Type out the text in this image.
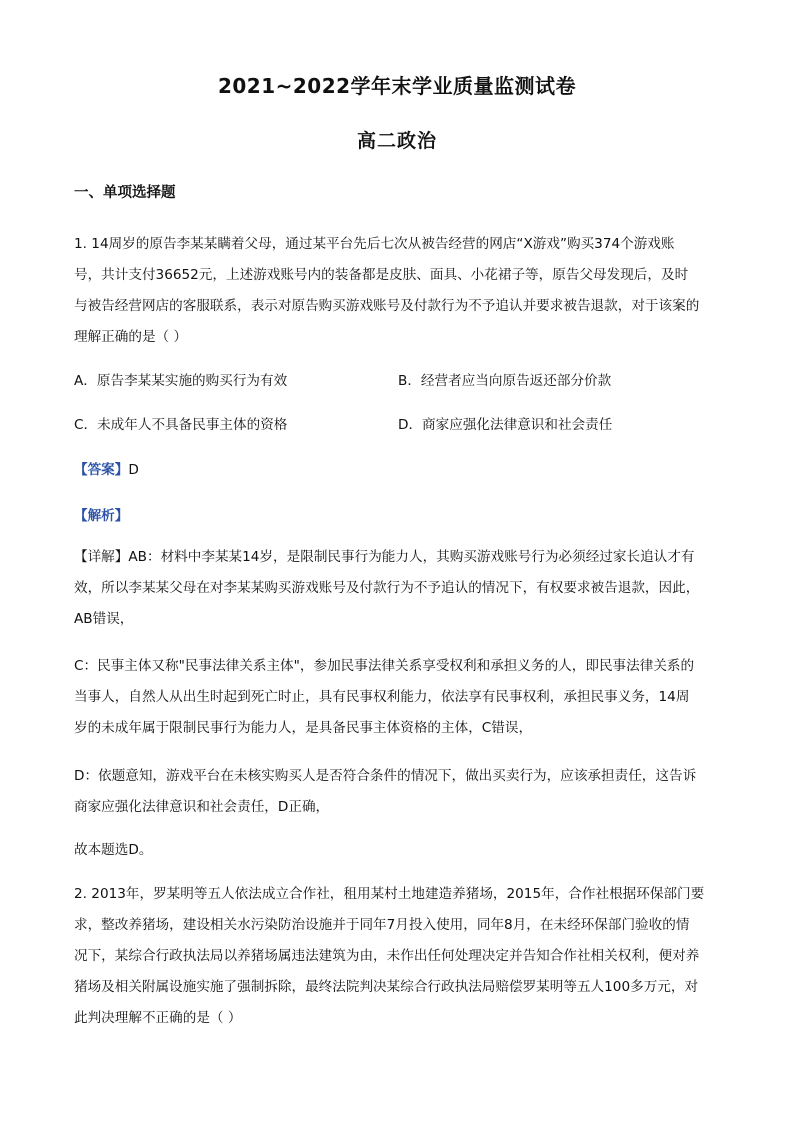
2021~2022学年末学业质量监测试卷
高二政治
一、单项选择题
1. 14周岁的原告李某某瞒着父母，通过某平台先后七次从被告经营的网店“X游戏”购买374个游戏账
号，共计支付36652元，上述游戏账号内的装备都是皮肤、面具、小花裙子等，原告父母发现后，及时
与被告经营网店的客服联系，表示对原告购买游戏账号及付款行为不予追认并要求被告退款，对于该案的
理解正确的是（ ）
A．原告李某某实施的购买行为有效	B．经营者应当向原告返还部分价款
C．未成年人不具备民事主体的资格	D．商家应强化法律意识和社会责任
【答案】D
【解析】
【详解】AB：材料中李某某14岁，是限制民事行为能力人，其购买游戏账号行为必须经过家长追认才有
效，所以李某某父母在对李某某购买游戏账号及付款行为不予追认的情况下，有权要求被告退款，因此，
AB错误，
C：民事主体又称"民事法律关系主体"，参加民事法律关系享受权利和承担义务的人，即民事法律关系的
当事人，自然人从出生时起到死亡时止，具有民事权利能力，依法享有民事权利，承担民事义务，14周
岁的未成年属于限制民事行为能力人，是具备民事主体资格的主体，C错误，
D：依题意知，游戏平台在未核实购买人是否符合条件的情况下，做出买卖行为，应该承担责任，这告诉
商家应强化法律意识和社会责任，D正确，
故本题选D。
2. 2013年，罗某明等五人依法成立合作社，租用某村土地建造养猪场，2015年，合作社根据环保部门要
求，整改养猪场，建设相关水污染防治设施并于同年7月投入使用，同年8月，在未经环保部门验收的情
况下，某综合行政执法局以养猪场属违法建筑为由，未作出任何处理决定并告知合作社相关权利，便对养
猪场及相关附属设施实施了强制拆除，最终法院判决某综合行政执法局赔偿罗某明等五人100多万元，对
此判决理解不正确的是（ ）
